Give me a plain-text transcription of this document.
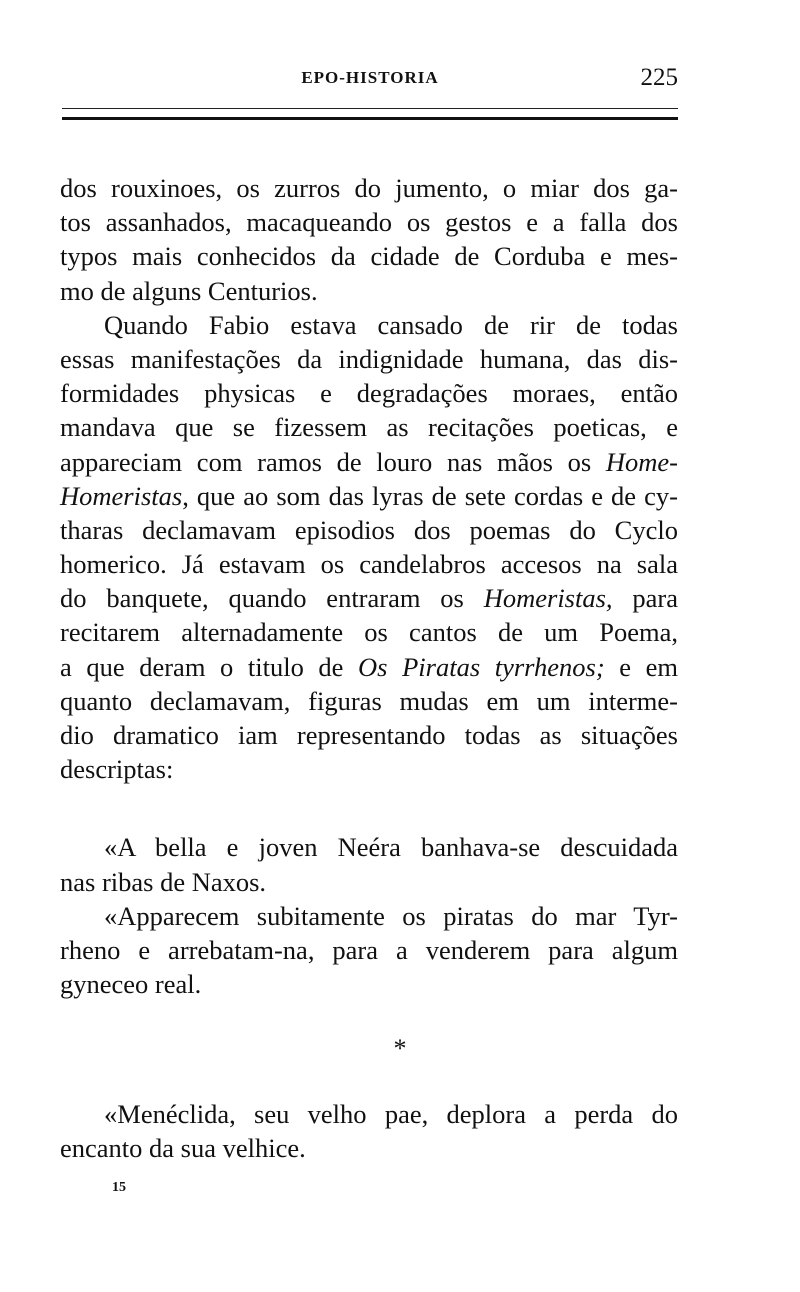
EPO-HISTORIA	225
dos rouxinoes, os zurros do jumento, o miar dos ga-
tos assanhados, macaqueando os gestos e a falla dos
typos mais conhecidos da cidade de Corduba e mes-
mo de alguns Centurios.
Quando Fabio estava cansado de rir de todas
essas manifestações da indignidade humana, das dis-
formidades physicas e degradações moraes, então
mandava que se fizessem as recitações poeticas, e
appareciam com ramos de louro nas mãos os Home-
Homeristas, que ao som das lyras de sete cordas e de cy-
tharas declamavam episodios dos poemas do Cyclo
homerico. Já estavam os candelabros accesos na sala
do banquete, quando entraram os Homeristas, para
recitarem alternadamente os cantos de um Poema,
a que deram o titulo de Os Piratas tyrrhenos; e em
quanto declamavam, figuras mudas em um interme-
dio dramatico iam representando todas as situações
descriptas:
«A bella e joven Neéra banhava-se descuidada
nas ribas de Naxos.
«Apparecem subitamente os piratas do mar Tyr-
rheno e arrebatam-na, para a venderem para algum
gyneceo real.
*
«Menéclida, seu velho pae, deplora a perda do
encanto da sua velhice.
15
